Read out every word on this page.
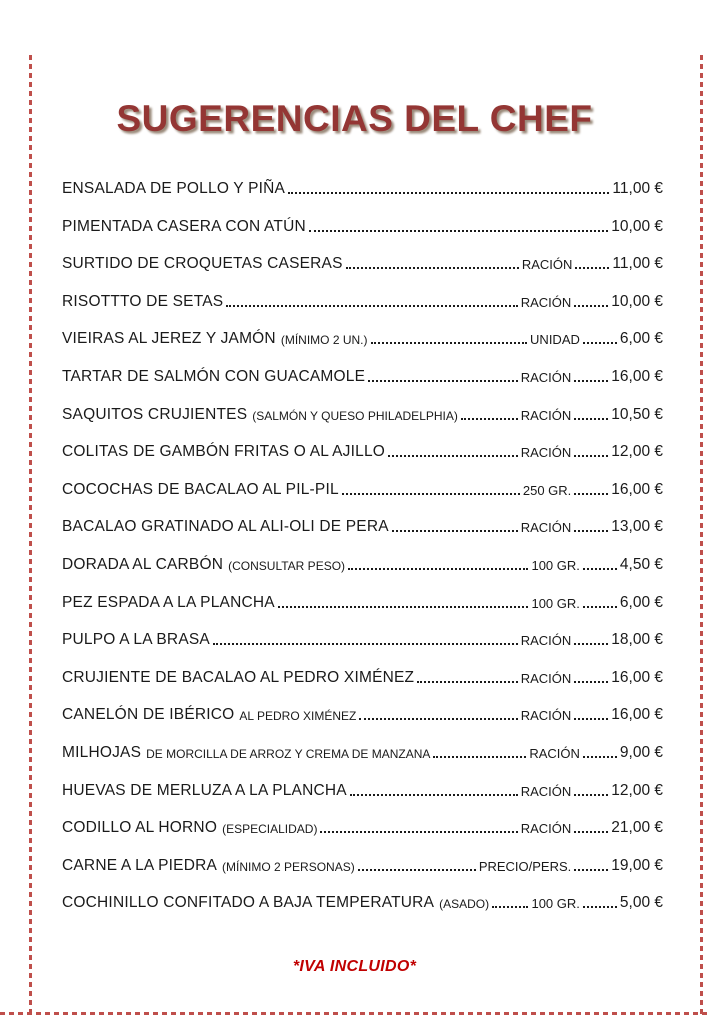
SUGERENCIAS DEL CHEF
ENSALADA DE POLLO Y PIÑA	11,00 €
PIMENTADA CASERA CON ATÚN	10,00 €
SURTIDO DE CROQUETAS CASERAS	RACIÓN	11,00 €
RISOTTTO DE SETAS	RACIÓN	10,00 €
VIEIRAS AL JEREZ Y JAMÓN (MÍNIMO 2 UN.)	UNIDAD	6,00 €
TARTAR DE SALMÓN CON GUACAMOLE	RACIÓN	16,00 €
SAQUITOS CRUJIENTES (SALMÓN Y QUESO PHILADELPHIA)	RACIÓN	10,50 €
COLITAS DE GAMBÓN FRITAS O AL AJILLO	RACIÓN	12,00 €
COCOCHAS DE BACALAO AL PIL-PIL	250 GR.	16,00 €
BACALAO GRATINADO AL ALI-OLI DE PERA	RACIÓN	13,00 €
DORADA AL CARBÓN (CONSULTAR PESO)	100 GR.	4,50 €
PEZ ESPADA A LA PLANCHA	100 GR.	6,00 €
PULPO A LA BRASA	RACIÓN	18,00 €
CRUJIENTE DE BACALAO AL PEDRO XIMÉNEZ	RACIÓN	16,00 €
CANELÓN DE IBÉRICO AL PEDRO XIMÉNEZ	RACIÓN	16,00 €
MILHOJAS DE MORCILLA DE ARROZ Y CREMA DE MANZANA	RACIÓN	9,00 €
HUEVAS DE MERLUZA A LA PLANCHA	RACIÓN	12,00 €
CODILLO AL HORNO (ESPECIALIDAD)	RACIÓN	21,00 €
CARNE A LA PIEDRA (MÍNIMO 2 PERSONAS)	PRECIO/PERS.	19,00 €
COCHINILLO CONFITADO A BAJA TEMPERATURA (ASADO)	100 GR.	5,00 €
*IVA INCLUIDO*
